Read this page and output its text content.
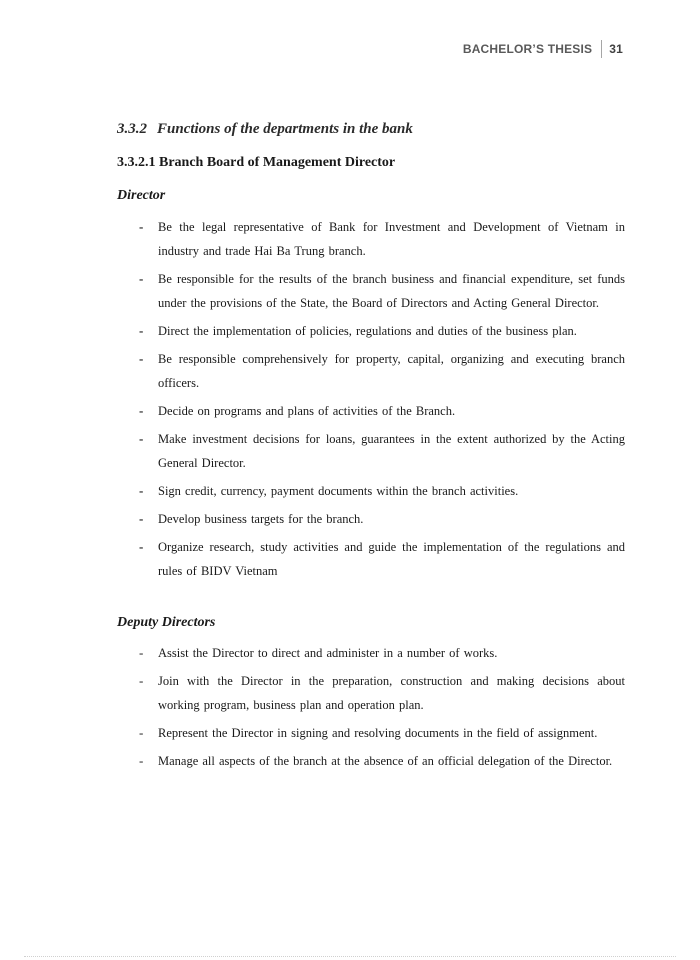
BACHELOR’S THESIS 31
3.3.2 Functions of the departments in the bank
3.3.2.1 Branch Board of Management Director
Director
- Be the legal representative of Bank for Investment and Development of Vietnam in industry and trade Hai Ba Trung branch.
- Be responsible for the results of the branch business and financial expenditure, set funds under the provisions of the State, the Board of Directors and Acting General Director.
- Direct the implementation of policies, regulations and duties of the business plan.
- Be responsible comprehensively for property, capital, organizing and executing branch officers.
- Decide on programs and plans of activities of the Branch.
- Make investment decisions for loans, guarantees in the extent authorized by the Acting General Director.
- Sign credit, currency, payment documents within the branch activities.
- Develop business targets for the branch.
- Organize research, study activities and guide the implementation of the regulations and rules of BIDV Vietnam
Deputy Directors
- Assist the Director to direct and administer in a number of works.
- Join with the Director in the preparation, construction and making decisions about working program, business plan and operation plan.
- Represent the Director in signing and resolving documents in the field of assignment.
- Manage all aspects of the branch at the absence of an official delegation of the Director.
